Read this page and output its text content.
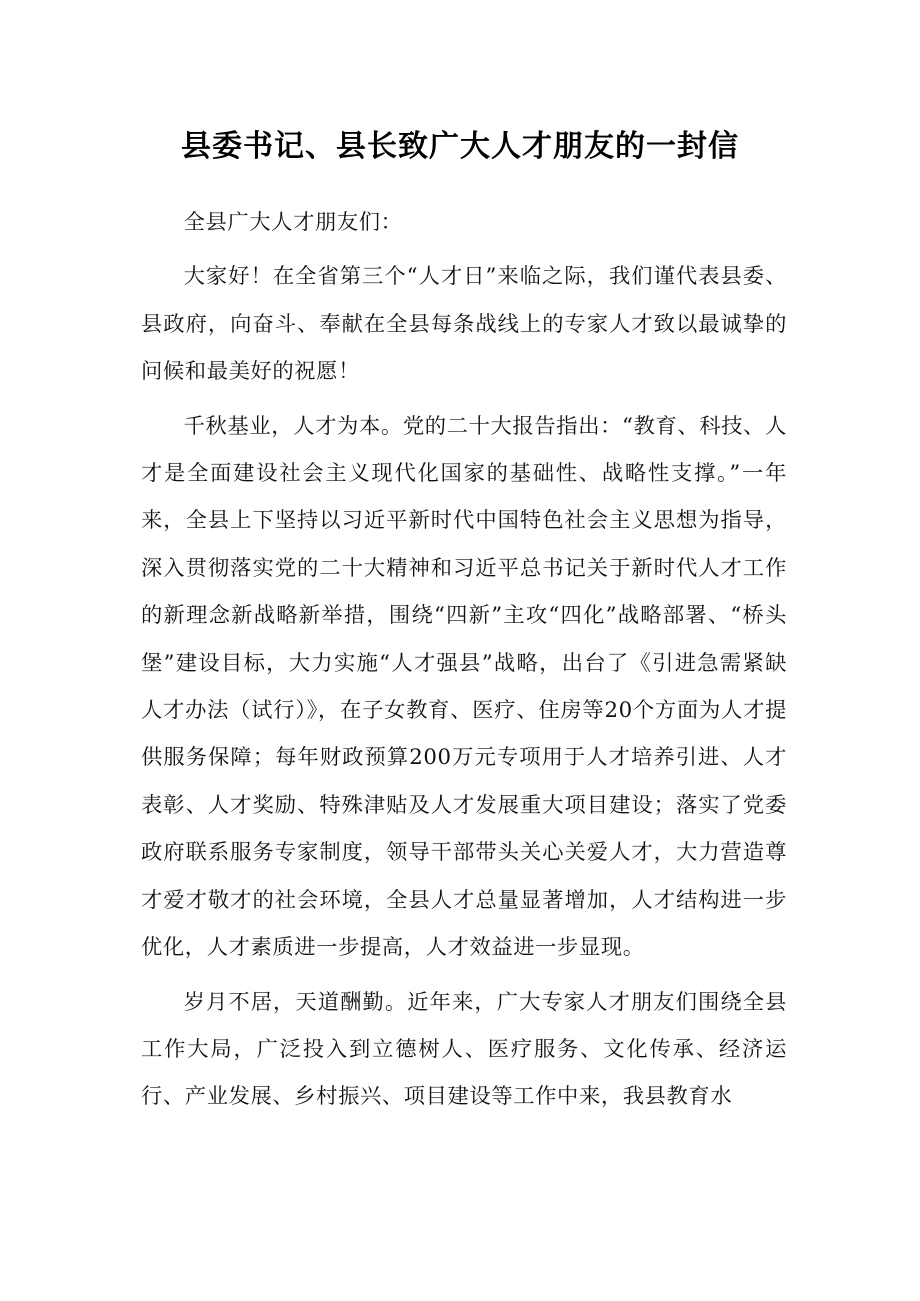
县委书记、县长致广大人才朋友的一封信

全县广大人才朋友们：

大家好！在全省第三个“人才日”来临之际，我们谨代表县委、县政府，向奋斗、奉献在全县每条战线上的专家人才致以最诚挚的问候和最美好的祝愿！

千秋基业，人才为本。党的二十大报告指出：“教育、科技、人才是全面建设社会主义现代化国家的基础性、战略性支撑。”一年来，全县上下坚持以习近平新时代中国特色社会主义思想为指导，深入贯彻落实党的二十大精神和习近平总书记关于新时代人才工作的新理念新战略新举措，围绕“四新”主攻“四化”战略部署、“桥头堡”建设目标，大力实施“人才强县”战略，出台了《引进急需紧缺人才办法（试行）》，在子女教育、医疗、住房等20个方面为人才提供服务保障；每年财政预算200万元专项用于人才培养引进、人才表彰、人才奖励、特殊津贴及人才发展重大项目建设；落实了党委政府联系服务专家制度，领导干部带头关心关爱人才，大力营造尊才爱才敬才的社会环境，全县人才总量显著增加，人才结构进一步优化，人才素质进一步提高，人才效益进一步显现。

岁月不居，天道酬勤。近年来，广大专家人才朋友们围绕全县工作大局，广泛投入到立德树人、医疗服务、文化传承、经济运行、产业发展、乡村振兴、项目建设等工作中来，我县教育水
